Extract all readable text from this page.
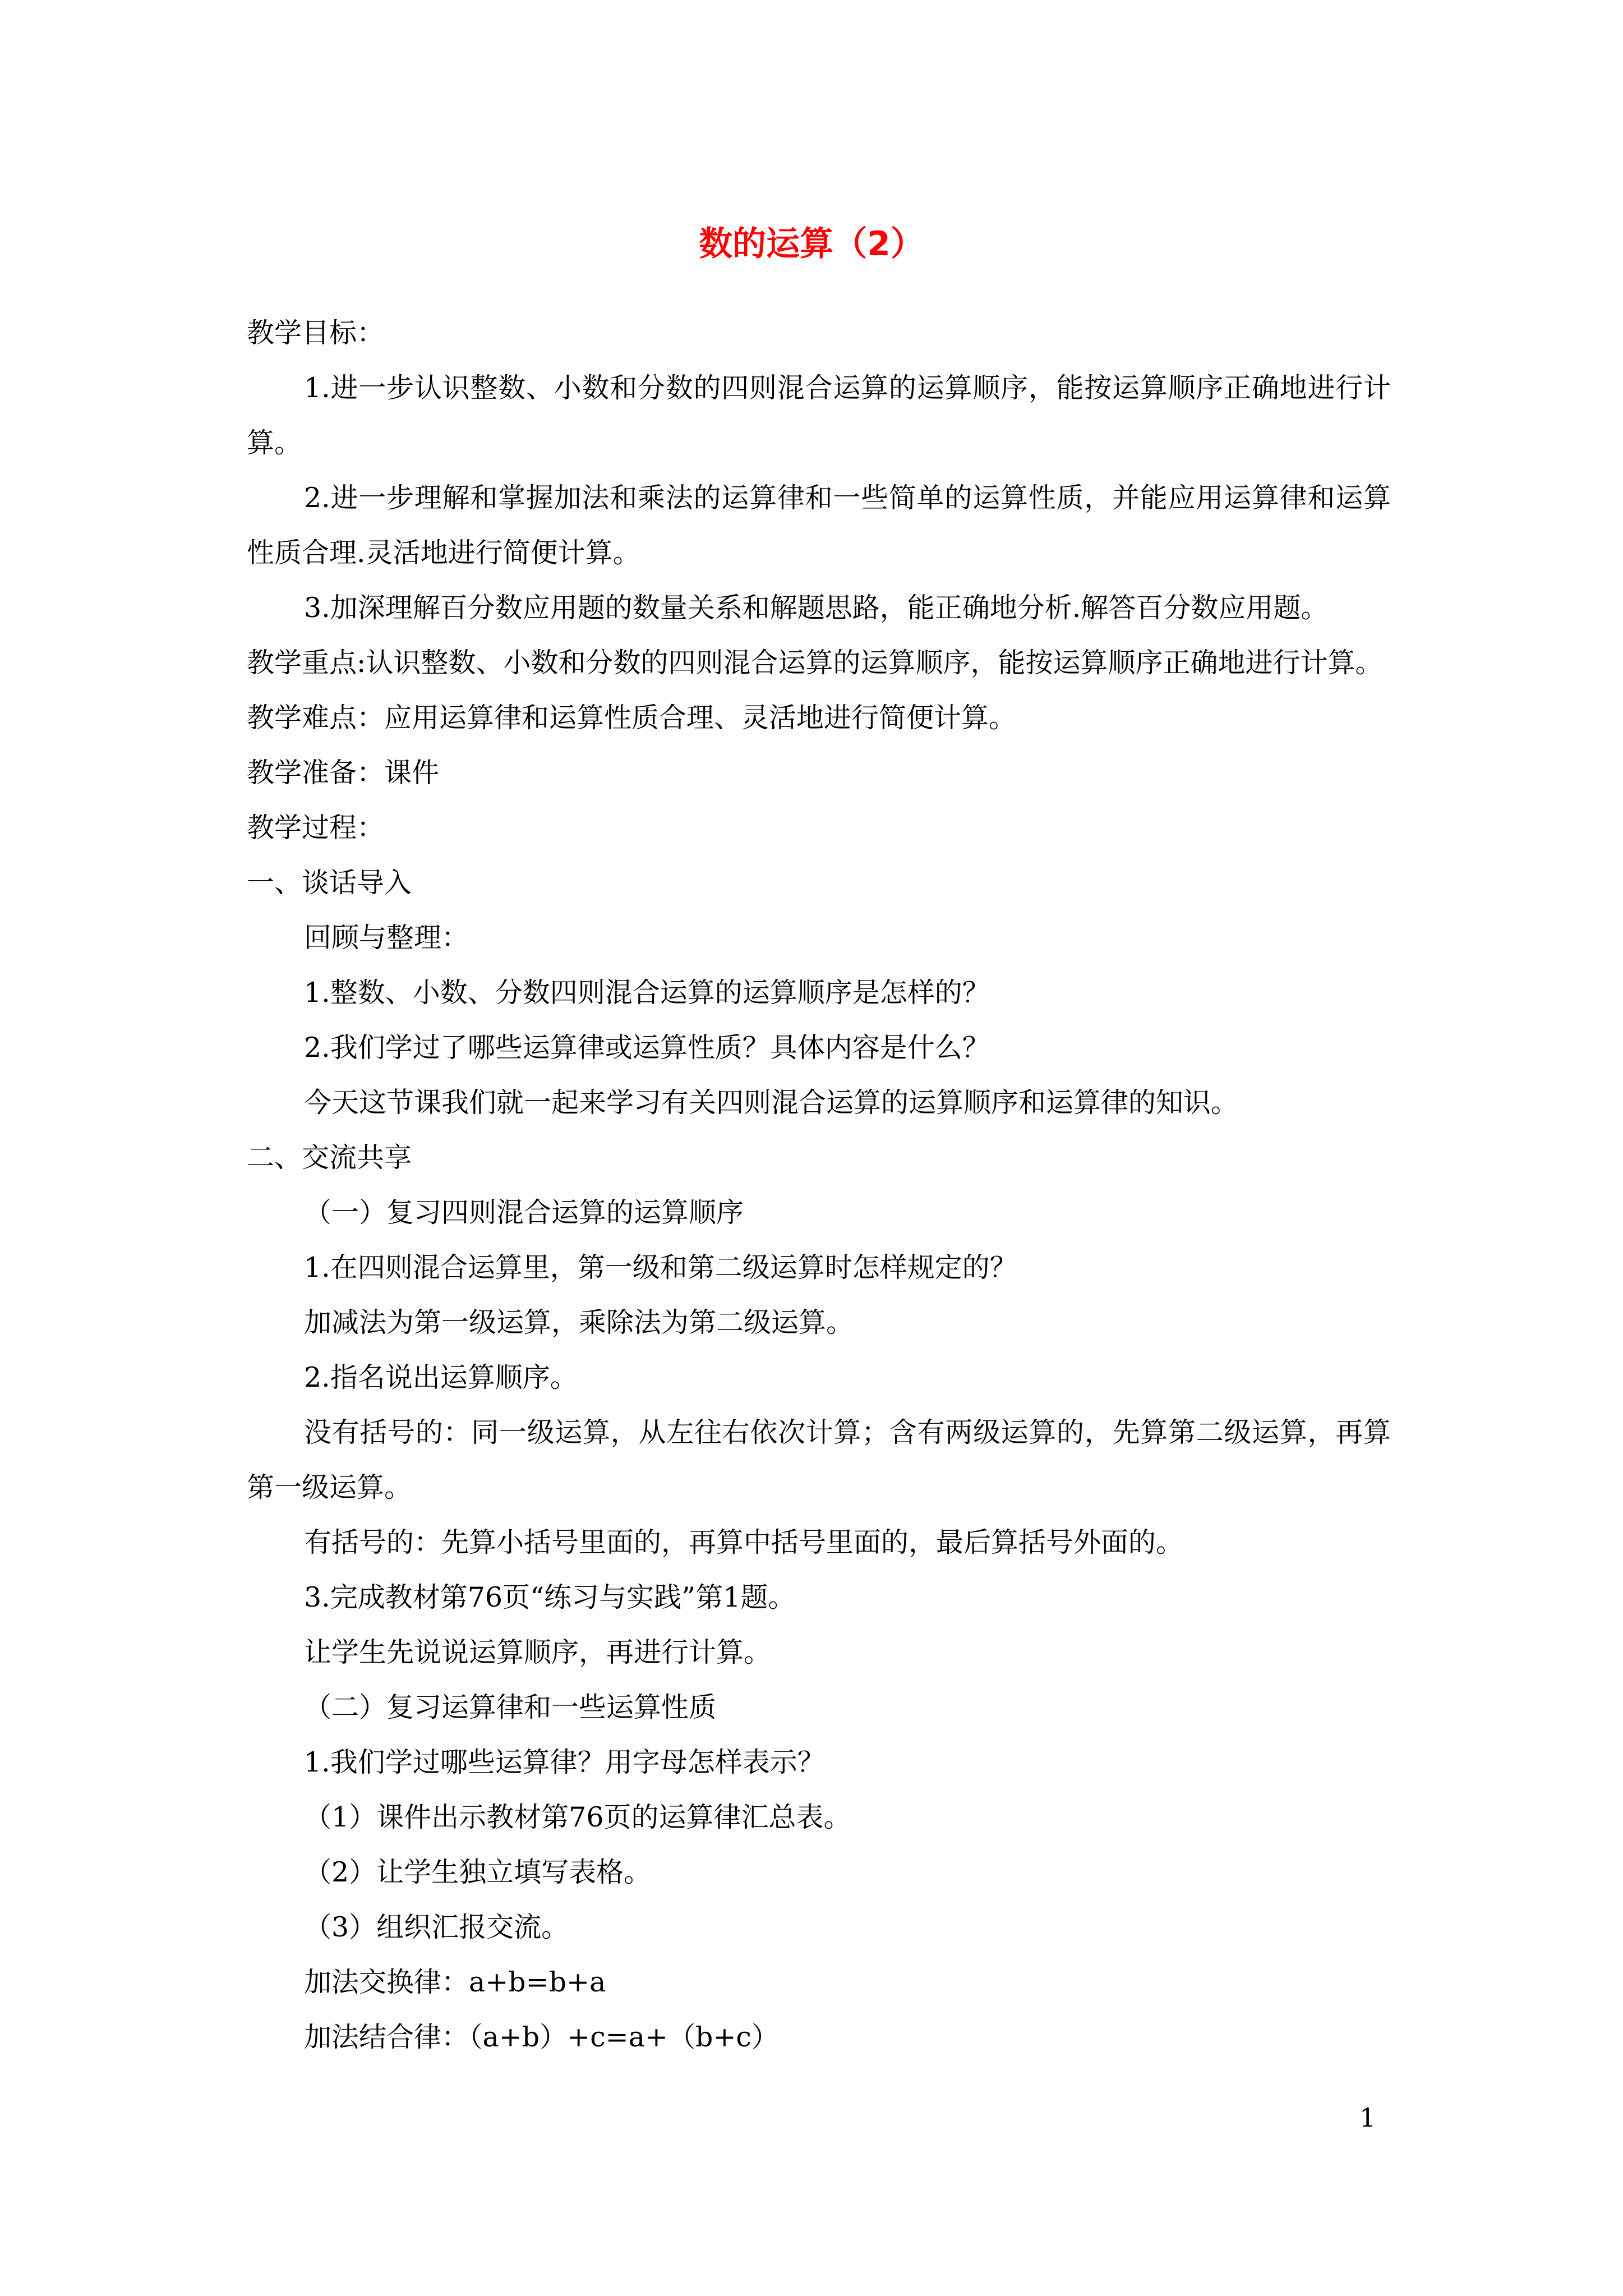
数的运算（2）
教学目标：
1.进一步认识整数、小数和分数的四则混合运算的运算顺序，能按运算顺序正确地进行计算。
2.进一步理解和掌握加法和乘法的运算律和一些简单的运算性质，并能应用运算律和运算性质合理.灵活地进行简便计算。
3.加深理解百分数应用题的数量关系和解题思路，能正确地分析.解答百分数应用题。
教学重点:认识整数、小数和分数的四则混合运算的运算顺序，能按运算顺序正确地进行计算。
教学难点：应用运算律和运算性质合理、灵活地进行简便计算。
教学准备：课件
教学过程：
一、谈话导入
回顾与整理：
1.整数、小数、分数四则混合运算的运算顺序是怎样的？
2.我们学过了哪些运算律或运算性质？具体内容是什么？
今天这节课我们就一起来学习有关四则混合运算的运算顺序和运算律的知识。
二、交流共享
（一）复习四则混合运算的运算顺序
1.在四则混合运算里，第一级和第二级运算时怎样规定的？
加减法为第一级运算，乘除法为第二级运算。
2.指名说出运算顺序。
没有括号的：同一级运算，从左往右依次计算；含有两级运算的，先算第二级运算，再算第一级运算。
有括号的：先算小括号里面的，再算中括号里面的，最后算括号外面的。
3.完成教材第76页“练习与实践”第1题。
让学生先说说运算顺序，再进行计算。
（二）复习运算律和一些运算性质
1.我们学过哪些运算律？用字母怎样表示？
（1）课件出示教材第76页的运算律汇总表。
（2）让学生独立填写表格。
（3）组织汇报交流。
加法交换律：a+b=b+a
加法结合律：（a+b）+c=a+（b+c）
1
